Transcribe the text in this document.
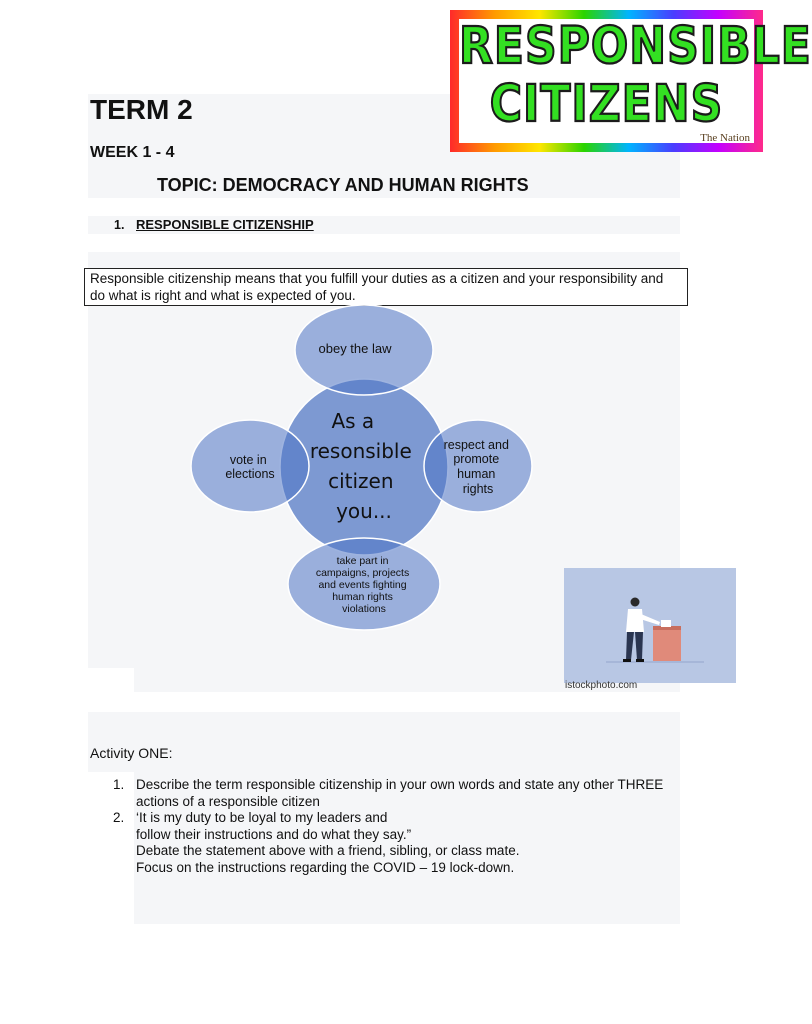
RESPONSIBLE
CITIZENS
The Nation
TERM 2
WEEK 1 - 4
TOPIC: DEMOCRACY AND HUMAN RIGHTS
1. RESPONSIBLE CITIZENSHIP
Responsible citizenship means that you fulfill your duties as a citizen and your responsibility and do what is right and what is expected of you.
As a resonsible citizen you...
obey the law
vote in elections
respect and promote human rights
take part in campaigns, projects and events fighting human rights violations
istockphoto.com
Activity ONE:
1. Describe the term responsible citizenship in your own words and state any other THREE
actions of a responsible citizen
2. ‘It is my duty to be loyal to my leaders and
follow their instructions and do what they say.”
Debate the statement above with a friend, sibling, or class mate.
Focus on the instructions regarding the COVID – 19 lock-down.
